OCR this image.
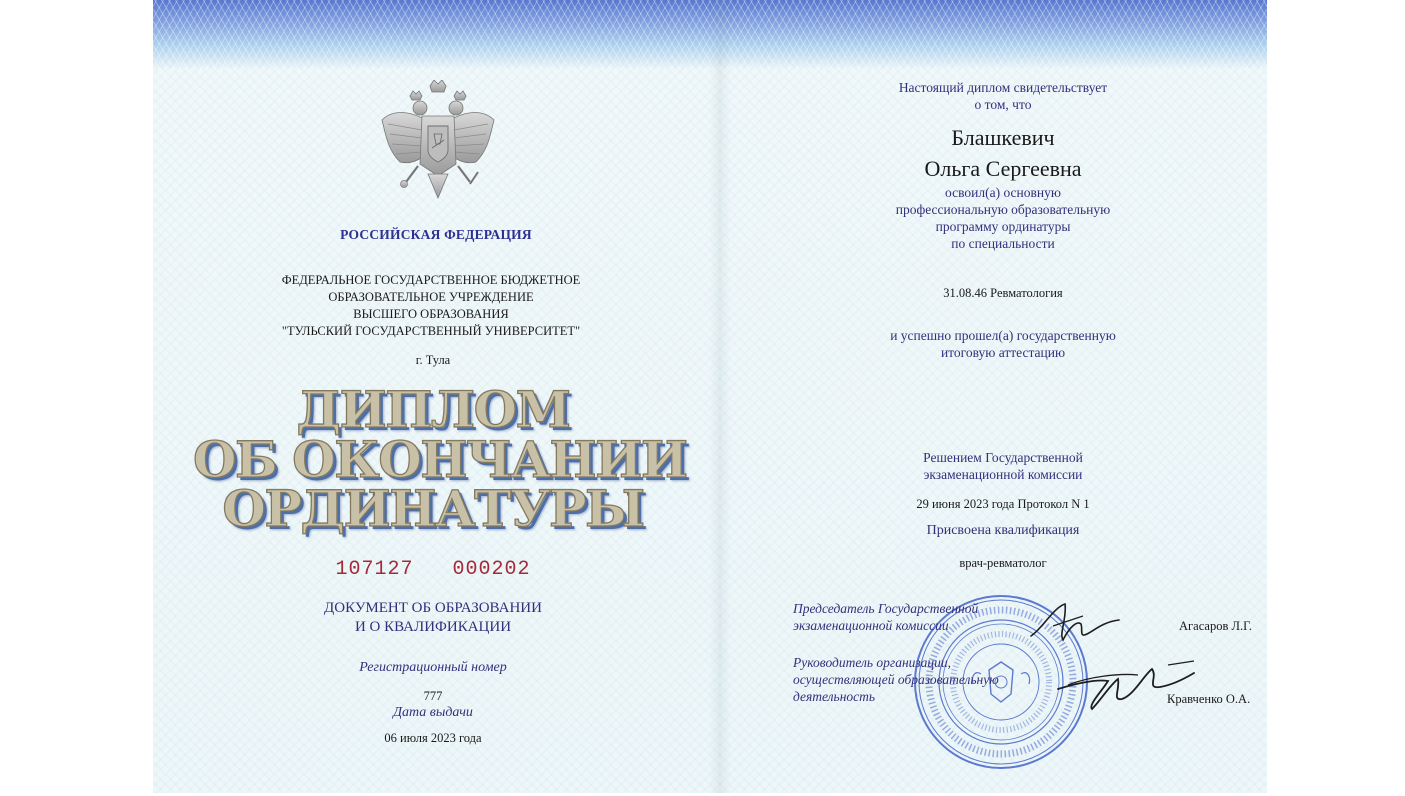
РОССИЙСКАЯ ФЕДЕРАЦИЯ
ФЕДЕРАЛЬНОЕ ГОСУДАРСТВЕННОЕ БЮДЖЕТНОЕ
ОБРАЗОВАТЕЛЬНОЕ УЧРЕЖДЕНИЕ
ВЫСШЕГО ОБРАЗОВАНИЯ
"ТУЛЬСКИЙ ГОСУДАРСТВЕННЫЙ УНИВЕРСИТЕТ"
г. Тула
ДИПЛОМ
ОБ ОКОНЧАНИИ
ОРДИНАТУРЫ
107127   000202
ДОКУМЕНТ ОБ ОБРАЗОВАНИИ
И О КВАЛИФИКАЦИИ
Регистрационный номер
777
Дата выдачи
06 июля 2023 года
Настоящий диплом свидетельствует
о том, что
Блашкевич
Ольга Сергеевна
освоил(а) основную
профессиональную образовательную
программу ординатуры
по специальности
31.08.46 Ревматология
и успешно прошел(а) государственную
итоговую аттестацию
Решением Государственной
экзаменационной комиссии
29 июня 2023 года Протокол N 1
Присвоена квалификация
врач-ревматолог
Председатель Государственной
экзаменационной комиссии	Агасаров Л.Г.
Руководитель организации,
осуществляющей образовательную
деятельность	Кравченко О.А.
